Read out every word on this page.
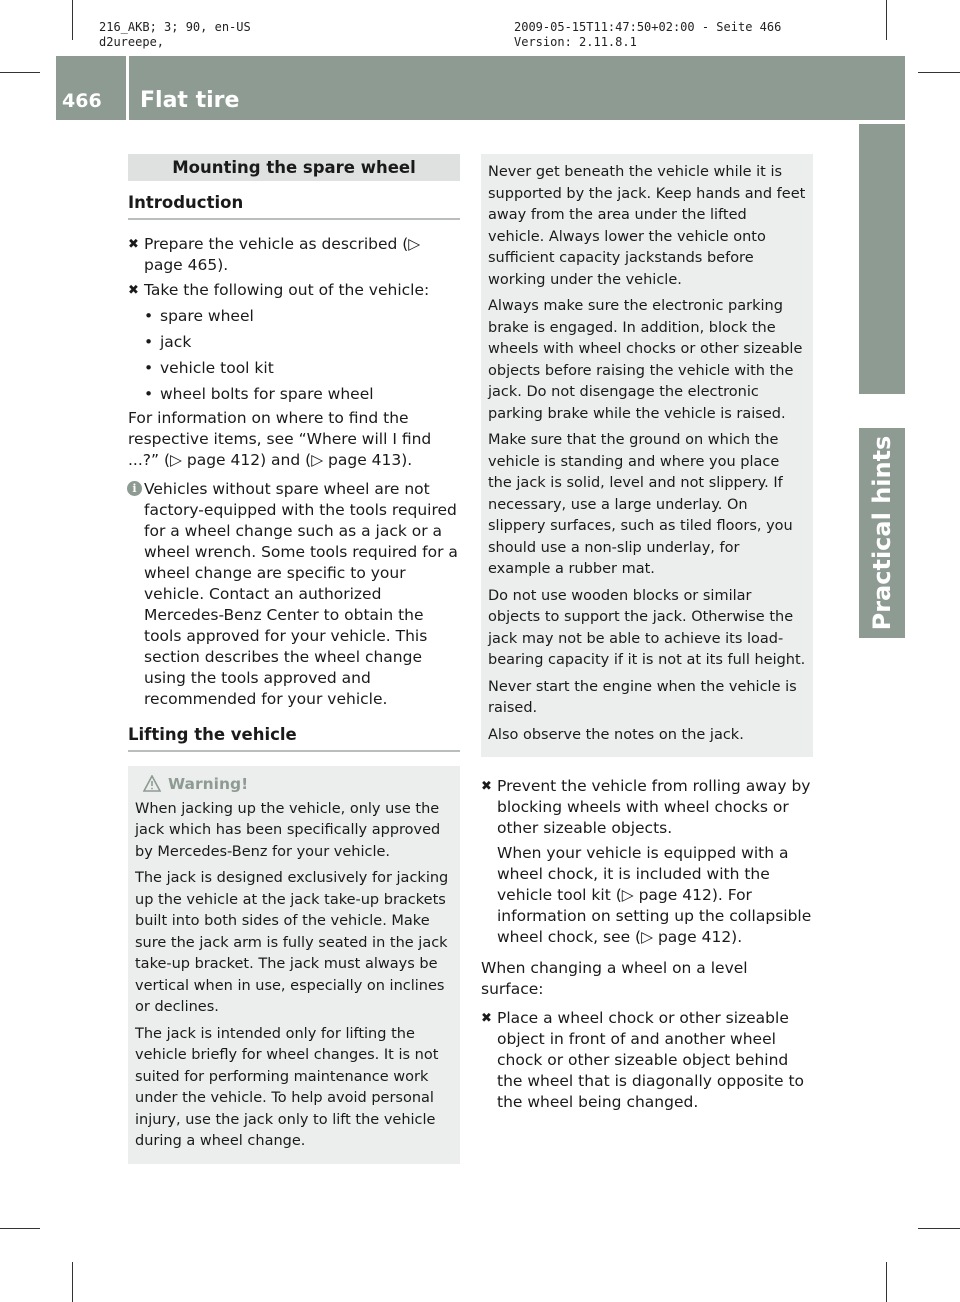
216_AKB; 3; 90, en-US
d2ureepe,
2009-05-15T11:47:50+02:00 - Seite 466
Version: 2.11.8.1
466 Flat tire
Practical hints
Mounting the spare wheel
Introduction
✖ Prepare the vehicle as described (▷ page 465).
✖ Take the following out of the vehicle:
• spare wheel
• jack
• vehicle tool kit
• wheel bolts for spare wheel
For information on where to find the respective items, see “Where will I find ...?” (▷ page 412) and (▷ page 413).
i Vehicles without spare wheel are not factory-equipped with the tools required for a wheel change such as a jack or a wheel wrench. Some tools required for a wheel change are specific to your vehicle. Contact an authorized Mercedes-Benz Center to obtain the tools approved for your vehicle. This section describes the wheel change using the tools approved and recommended for your vehicle.
Lifting the vehicle
Warning!

When jacking up the vehicle, only use the jack which has been specifically approved by Mercedes-Benz for your vehicle.

The jack is designed exclusively for jacking up the vehicle at the jack take-up brackets built into both sides of the vehicle. Make sure the jack arm is fully seated in the jack take-up bracket. The jack must always be vertical when in use, especially on inclines or declines.

The jack is intended only for lifting the vehicle briefly for wheel changes. It is not suited for performing maintenance work under the vehicle. To help avoid personal injury, use the jack only to lift the vehicle during a wheel change.

Never get beneath the vehicle while it is supported by the jack. Keep hands and feet away from the area under the lifted vehicle. Always lower the vehicle onto sufficient capacity jackstands before working under the vehicle.

Always make sure the electronic parking brake is engaged. In addition, block the wheels with wheel chocks or other sizeable objects before raising the vehicle with the jack. Do not disengage the electronic parking brake while the vehicle is raised.

Make sure that the ground on which the vehicle is standing and where you place the jack is solid, level and not slippery. If necessary, use a large underlay. On slippery surfaces, such as tiled floors, you should use a non-slip underlay, for example a rubber mat.

Do not use wooden blocks or similar objects to support the jack. Otherwise the jack may not be able to achieve its load-bearing capacity if it is not at its full height.

Never start the engine when the vehicle is raised.

Also observe the notes on the jack.

✖ Prevent the vehicle from rolling away by blocking wheels with wheel chocks or other sizeable objects.
When your vehicle is equipped with a wheel chock, it is included with the vehicle tool kit (▷ page 412). For information on setting up the collapsible wheel chock, see (▷ page 412).
When changing a wheel on a level surface:
✖ Place a wheel chock or other sizeable object in front of and another wheel chock or other sizeable object behind the wheel that is diagonally opposite to the wheel being changed.
